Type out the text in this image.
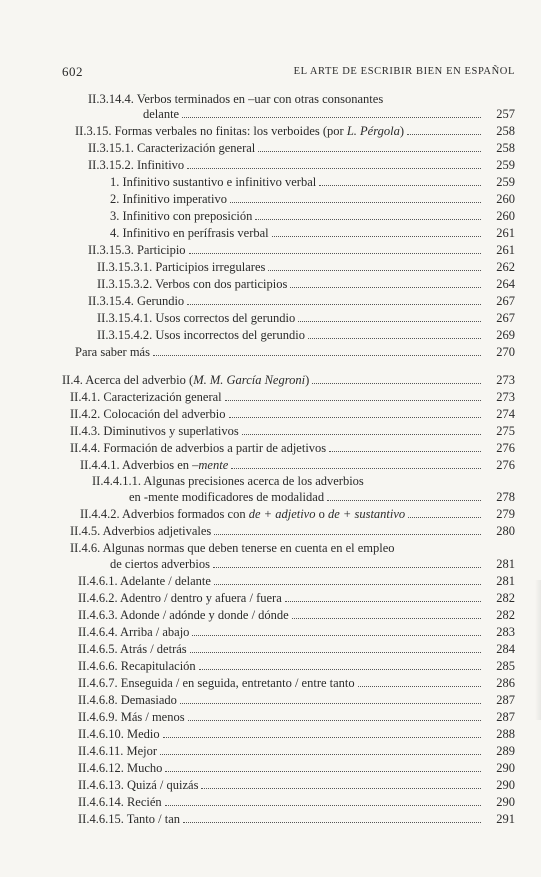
602	EL ARTE DE ESCRIBIR BIEN EN ESPAÑOL
II.3.14.4. Verbos terminados en –uar con otras consonantes
delante	257
II.3.15. Formas verbales no finitas: los verboides (por L. Pérgola)	258
II.3.15.1. Caracterización general	258
II.3.15.2. Infinitivo	259
1. Infinitivo sustantivo e infinitivo verbal	259
2. Infinitivo imperativo	260
3. Infinitivo con preposición	260
4. Infinitivo en perífrasis verbal	261
II.3.15.3. Participio	261
II.3.15.3.1. Participios irregulares	262
II.3.15.3.2. Verbos con dos participios	264
II.3.15.4. Gerundio	267
II.3.15.4.1. Usos correctos del gerundio	267
II.3.15.4.2. Usos incorrectos del gerundio	269
Para saber más	270
II.4. Acerca del adverbio (M. M. García Negroni)	273
II.4.1. Caracterización general	273
II.4.2. Colocación del adverbio	274
II.4.3. Diminutivos y superlativos	275
II.4.4. Formación de adverbios a partir de adjetivos	276
II.4.4.1. Adverbios en –mente	276
II.4.4.1.1. Algunas precisiones acerca de los adverbios
en -mente modificadores de modalidad	278
II.4.4.2. Adverbios formados con de + adjetivo o de + sustantivo	279
II.4.5. Adverbios adjetivales	280
II.4.6. Algunas normas que deben tenerse en cuenta en el empleo
de ciertos adverbios	281
II.4.6.1. Adelante / delante	281
II.4.6.2. Adentro / dentro y afuera / fuera	282
II.4.6.3. Adonde / adónde y donde / dónde	282
II.4.6.4. Arriba / abajo	283
II.4.6.5. Atrás / detrás	284
II.4.6.6. Recapitulación	285
II.4.6.7. Enseguida / en seguida, entretanto / entre tanto	286
II.4.6.8. Demasiado	287
II.4.6.9. Más / menos	287
II.4.6.10. Medio	288
II.4.6.11. Mejor	289
II.4.6.12. Mucho	290
II.4.6.13. Quizá / quizás	290
II.4.6.14. Recién	290
II.4.6.15. Tanto / tan	291
